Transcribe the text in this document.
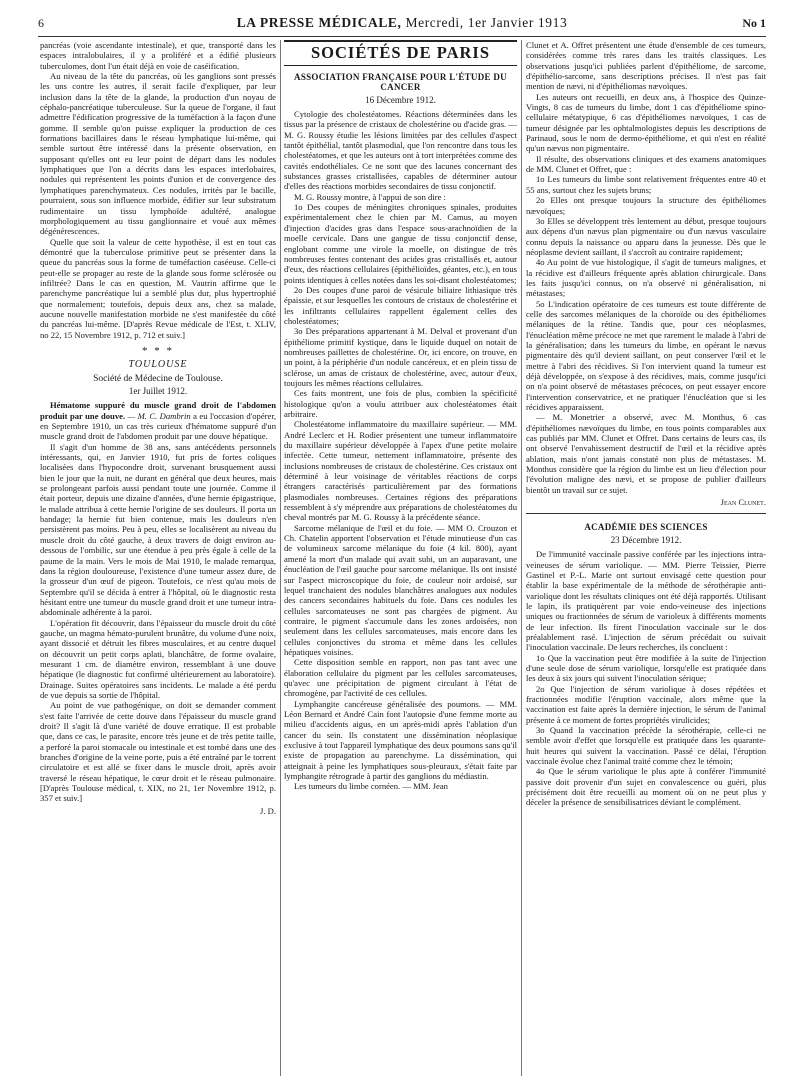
6	LA PRESSE MÉDICALE, Mercredi, 1er Janvier 1913	No 1

pancréas (voie ascendante intestinale), et que, transporté dans les espaces intralobulaires, il y a proliféré et a édifié plusieurs tuberculomes, dont l'un était déjà en voie de caséification.

Au niveau de la tête du pancréas, où les ganglions sont pressés les uns contre les autres, il serait facile d'expliquer, par leur inclusion dans la tête de la glande, la production d'un noyau de céphalo-pancréatique tuberculeuse. Sur la queue de l'organe, il faut admettre l'édification progressive de la tuméfaction à la façon d'une gomme. Il semble qu'on puisse expliquer la production de ces formations bacillaires dans le réseau lymphatique lui-même, qui semble surtout être intéressé dans la présente observation, en supposant qu'elles ont eu leur point de départ dans les nodules lymphatiques que l'on a décrits dans les espaces interlobaires, nodules qui représentent les points d'union et de convergence des lymphatiques parenchymateux. Ces nodules, irrités par le bacille, pourraient, sous son influence morbide, édifier sur leur substratum rudimentaire un tissu lymphoïde adultéré, analogue morphologiquement au tissu ganglionnaire et voué aux mêmes dégénérescences.

Quelle que soit la valeur de cette hypothèse, il est en tout cas démontré que la tuberculose primitive peut se présenter dans la queue du pancréas sous la forme de tuméfaction caséeuse. Celle-ci peut-elle se propager au reste de la glande sous forme sclérosée ou infiltrée? Dans le cas en question, M. Vautrin affirme que le parenchyme pancréatique lui a semblé plus dur, plus hypertrophié que normalement; toutefois, depuis deux ans, chez sa malade, aucune nouvelle manifestation morbide ne s'est manifestée du côté du pancréas lui-même. [D'après Revue médicale de l'Est, t. XLIV, no 22, 15 Novembre 1912, p. 712 et suiv.]

* * *
TOULOUSE
Société de Médecine de Toulouse.
1er Juillet 1912.

Hématome suppuré du muscle grand droit de l'abdomen produit par une douve. — M. C. Dambrin a eu l'occasion d'opérer, en Septembre 1910, un cas très curieux d'hématome suppuré d'un muscle grand droit de l'abdomen produit par une douve hépatique.

Il s'agit d'un homme de 38 ans, sans antécédents personnels intéressants, qui, en Janvier 1910, fut pris de fortes coliques localisées dans l'hypocondre droit, survenant brusquement aussi bien le jour que la nuit, ne durant en général que deux heures, mais se prolongeant parfois aussi pendant toute une journée. Comme il était porteur, depuis une dizaine d'années, d'une hernie épigastrique, le malade attribua à cette hernie l'origine de ses douleurs. Il porta un bandage; la hernie fut bien contenue, mais les douleurs n'en persistèrent pas moins. Peu à peu, elles se localisèrent au niveau du muscle droit du côté gauche, à deux travers de doigt environ au-dessous de l'ombilic, sur une étendue à peu près égale à celle de la paume de la main. Vers le mois de Mai 1910, le malade remarqua, dans la région douloureuse, l'existence d'une tumeur assez dure, de la grosseur d'un œuf de pigeon. Toutefois, ce n'est qu'au mois de Septembre qu'il se décida à entrer à l'hôpital, où le diagnostic resta hésitant entre une tumeur du muscle grand droit et une tumeur intra-abdominale adhérente à la paroi.

L'opération fit découvrir, dans l'épaisseur du muscle droit du côté gauche, un magma hémato-purulent brunâtre, du volume d'une noix, ayant dissocié et détruit les fibres musculaires, et au centre duquel on découvrit un petit corps aplati, blanchâtre, de forme ovalaire, mesurant 1 cm. de diamètre environ, ressemblant à une douve hépatique (le diagnostic fut confirmé ultérieurement au laboratoire). Drainage. Suites opératoires sans incidents. Le malade a été perdu de vue depuis sa sortie de l'hôpital.

Au point de vue pathogénique, on doit se demander comment s'est faite l'arrivée de cette douve dans l'épaisseur du muscle grand droit? Il s'agit là d'une variété de douve erratique. Il est probable que, dans ce cas, le parasite, encore très jeune et de très petite taille, a perforé la paroi stomacale ou intestinale et est tombé dans une des branches d'origine de la veine porte, puis a été entraîné par le torrent circulatoire et est allé se fixer dans le muscle droit, après avoir traversé le réseau hépatique, le cœur droit et le réseau pulmonaire. [D'après Toulouse médical, t. XIX, no 21, 1er Novembre 1912, p. 357 et suiv.]

J. D.

SOCIÉTÉS DE PARIS
ASSOCIATION FRANÇAISE POUR L'ÉTUDE DU CANCER
16 Décembre 1912.

Cytologie des cholestéatomes. Réactions déterminées dans les tissus par la présence de cristaux de cholestérine ou d'acide gras. — M. G. Roussy étudie les lésions limitées par des cellules d'aspect tantôt épithélial, tantôt plasmodial, que l'on rencontre dans tous les cholestéatomes, et que les auteurs ont à tort interprétées comme des cavités endothéliales. Ce ne sont que des lacunes concernant des substances grasses cristallisées, capables de déterminer autour d'elles des réactions morbides secondaires de tissu conjonctif.

M. G. Roussy montre, à l'appui de son dire :

1o Des coupes de méningites chroniques spinales, produites expérimentalement chez le chien par M. Camus, au moyen d'injection d'acides gras dans l'espace sous-arachnoïdien de la moelle cervicale. Dans une gangue de tissu conjonctif dense, englobant comme une virole la moelle, on distingue de très nombreuses fentes contenant des acides gras cristallisés et, autour d'eux, des réactions cellulaires (épithélioïdes, géantes, etc.), en tous points identiques à celles notées dans les soi-disant cholestéatomes;

2o Des coupes d'une paroi de vésicule biliaire lithiasique très épaissie, et sur lesquelles les contours de cristaux de cholestérine et les infiltrants cellulaires rappellent également celles des cholestéatomes;

3o Des préparations appartenant à M. Delval et provenant d'un épithéliome primitif kystique, dans le liquide duquel on notait de nombreuses paillettes de cholestérine. Or, ici encore, on trouve, en un point, à la périphérie d'un nodule cancéreux, et en plein tissu de sclérose, un amas de cristaux de cholestérine, avec, autour d'eux, toujours les mêmes réactions cellulaires.

Ces faits montrent, une fois de plus, combien la spécificité histologique qu'on a voulu attribuer aux cholestéatomes était arbitraire.

Cholestéatome inflammatoire du maxillaire supérieur. — MM. André Leclerc et H. Rodier présentent une tumeur inflammatoire du maxillaire supérieur développée à l'apex d'une petite molaire infectée. Cette tumeur, nettement inflammatoire, présente des inclusions nombreuses de cristaux de cholestérine. Ces cristaux ont déterminé à leur voisinage de véritables réactions de corps étrangers caractérisés particulièrement par des formations plasmodiales nombreuses. Certaines régions des préparations ressemblent à s'y méprendre aux préparations de cholestéatomes du cheval montrés par M. G. Roussy à la précédente séance.

Sarcome mélanique de l'œil et du foie. — MM O. Crouzon et Ch. Chatelin apportent l'observation et l'étude minutieuse d'un cas de volumineux sarcome mélanique du foie (4 kil. 800), ayant amené la mort d'un malade qui avait subi, un an auparavant, une énucléation de l'œil gauche pour sarcome mélanique. Ils ont insisté sur l'aspect microscopique du foie, de couleur noir ardoisé, sur lequel tranchaient des nodules blanchâtres analogues aux nodules des cancers secondaires habituels du foie. Dans ces nodules les cellules sarcomateuses ne sont pas chargées de pigment. Au contraire, le pigment s'accumule dans les zones ardoisées, non seulement dans les cellules sarcomateuses, mais encore dans les cellules conjonctives du stroma et même dans les cellules hépatiques voisines.

Cette disposition semble en rapport, non pas tant avec une élaboration cellulaire du pigment par les cellules sarcomateuses, qu'avec une précipitation de pigment circulant à l'état de chromogène, par l'activité de ces cellules.

Lymphangite cancéreuse généralisée des poumons. — MM. Léon Bernard et André Cain font l'autopsie d'une femme morte au milieu d'accidents aigus, en un après-midi après l'ablation d'un cancer du sein. Ils constatent une dissémination néoplasique exclusive à tout l'appareil lymphatique des deux poumons sans qu'il existe de propagation au parenchyme. La dissémination, qui atteignait à peine les lymphatiques sous-pleuraux, s'était faite par lymphangite rétrograde à partir des ganglions du médiastin.

Les tumeurs du limbe cornéen. — MM. Jean

Clunet et A. Offret présentent une étude d'ensemble de ces tumeurs, considérées comme très rares dans les traités classiques. Les observations jusqu'ici publiées parlent d'épithéliome, de sarcome, d'épithélio-sarcome, sans descriptions précises. Il n'est pas fait mention de nævi, ni d'épithéliomas nævoïques.

Les auteurs ont recueilli, en deux ans, à l'hospice des Quinze-Vingts, 8 cas de tumeurs du limbe, dont 1 cas d'épithéliome spino-cellulaire métatypique, 6 cas d'épithéliomes nævoïques, 1 cas de tumeur désignée par les ophtalmologistes depuis les descriptions de Parinaud, sous le nom de dermo-épithéliome, et qui n'est en réalité qu'un nævus non pigmentaire.

Il résulte, des observations cliniques et des examens anatomiques de MM. Clunet et Offret, que :

1o Les tumeurs du limbe sont relativement fréquentes entre 40 et 55 ans, surtout chez les sujets bruns;

2o Elles ont presque toujours la structure des épithéliomes nævoïques;

3o Elles se développent très lentement au début, presque toujours aux dépens d'un nævus plan pigmentaire ou d'un nævus vasculaire connu depuis la naissance ou apparu dans la jeunesse. Dès que le néoplasme devient saillant, il s'accroît au contraire rapidement;

4o Au point de vue histologique, il s'agit de tumeurs malignes, et la récidive est d'ailleurs fréquente après ablation chirurgicale. Dans les faits jusqu'ici connus, on n'a observé ni généralisation, ni métastases;

5o L'indication opératoire de ces tumeurs est toute différente de celle des sarcomes mélaniques de la choroïde ou des épithéliomes mélaniques de la rétine. Tandis que, pour ces néoplasmes, l'énucléation même précoce ne met que rarement le malade à l'abri de la généralisation; dans les tumeurs du limbe, en opérant le nævus pigmentaire dès qu'il devient saillant, on peut conserver l'œil et le mettre à l'abri des récidives. Si l'on intervient quand la tumeur est déjà développée, on s'expose à des récidives, mais, comme jusqu'ici on n'a point observé de métastases précoces, on peut essayer encore l'intervention conservatrice, et ne pratiquer l'énucléation que si les récidives apparaissent.

— M. Monetrier a observé, avec M. Monthus, 6 cas d'épithéliomes nævoïques du limbe, en tous points comparables aux cas publiés par MM. Clunet et Offret. Dans certains de leurs cas, ils ont observé l'envahissement destructif de l'œil et la récidive après ablation, mais n'ont jamais constaté non plus de métastases. M. Monthus considère que la région du limbe est un lieu d'élection pour l'évolution maligne des nævi, et se propose de publier d'ailleurs bientôt un travail sur ce sujet.

Jean Clunet.

ACADÉMIE DES SCIENCES
23 Décembre 1912.

De l'immunité vaccinale passive conférée par les injections intra-veineuses de sérum variolique. — MM. Pierre Teissier, Pierre Gastinel et P.-L. Marie ont surtout envisagé cette question pour établir la base expérimentale de la méthode de sérothérapie anti-variolique dont les résultats cliniques ont été déjà rapportés. Utilisant le lapin, ils pratiquèrent par voie endo-veineuse des injections uniques ou fractionnées de sérum de varioleux à différents moments de leur infection. Ils firent l'inoculation vaccinale sur le dos préalablement rasé. L'injection de sérum précédait ou suivait l'inoculation vaccinale. De leurs recherches, ils concluent :

1o Que la vaccination peut être modifiée à la suite de l'injection d'une seule dose de sérum variolique, lorsqu'elle est pratiquée dans les deux à six jours qui suivent l'inoculation sérique;

2o Que l'injection de sérum variolique à doses répétées et fractionnées modifie l'éruption vaccinale, alors même que la vaccination est faite après la dernière injection, le sérum de l'animal présente à ce moment de fortes propriétés virulicides;

3o Quand la vaccination précède la sérothérapie, celle-ci ne semble avoir d'effet que lorsqu'elle est pratiquée dans les quarante-huit heures qui suivent la vaccination. Passé ce délai, l'éruption vaccinale évolue chez l'animal traité comme chez le témoin;

4o Que le sérum variolique le plus apte à conférer l'immunité passive doit provenir d'un sujet en convalescence ou guéri, plus précisément doit être recueilli au moment où on ne peut plus y déceler la présence de sensibilisatrices déviant le complément.
